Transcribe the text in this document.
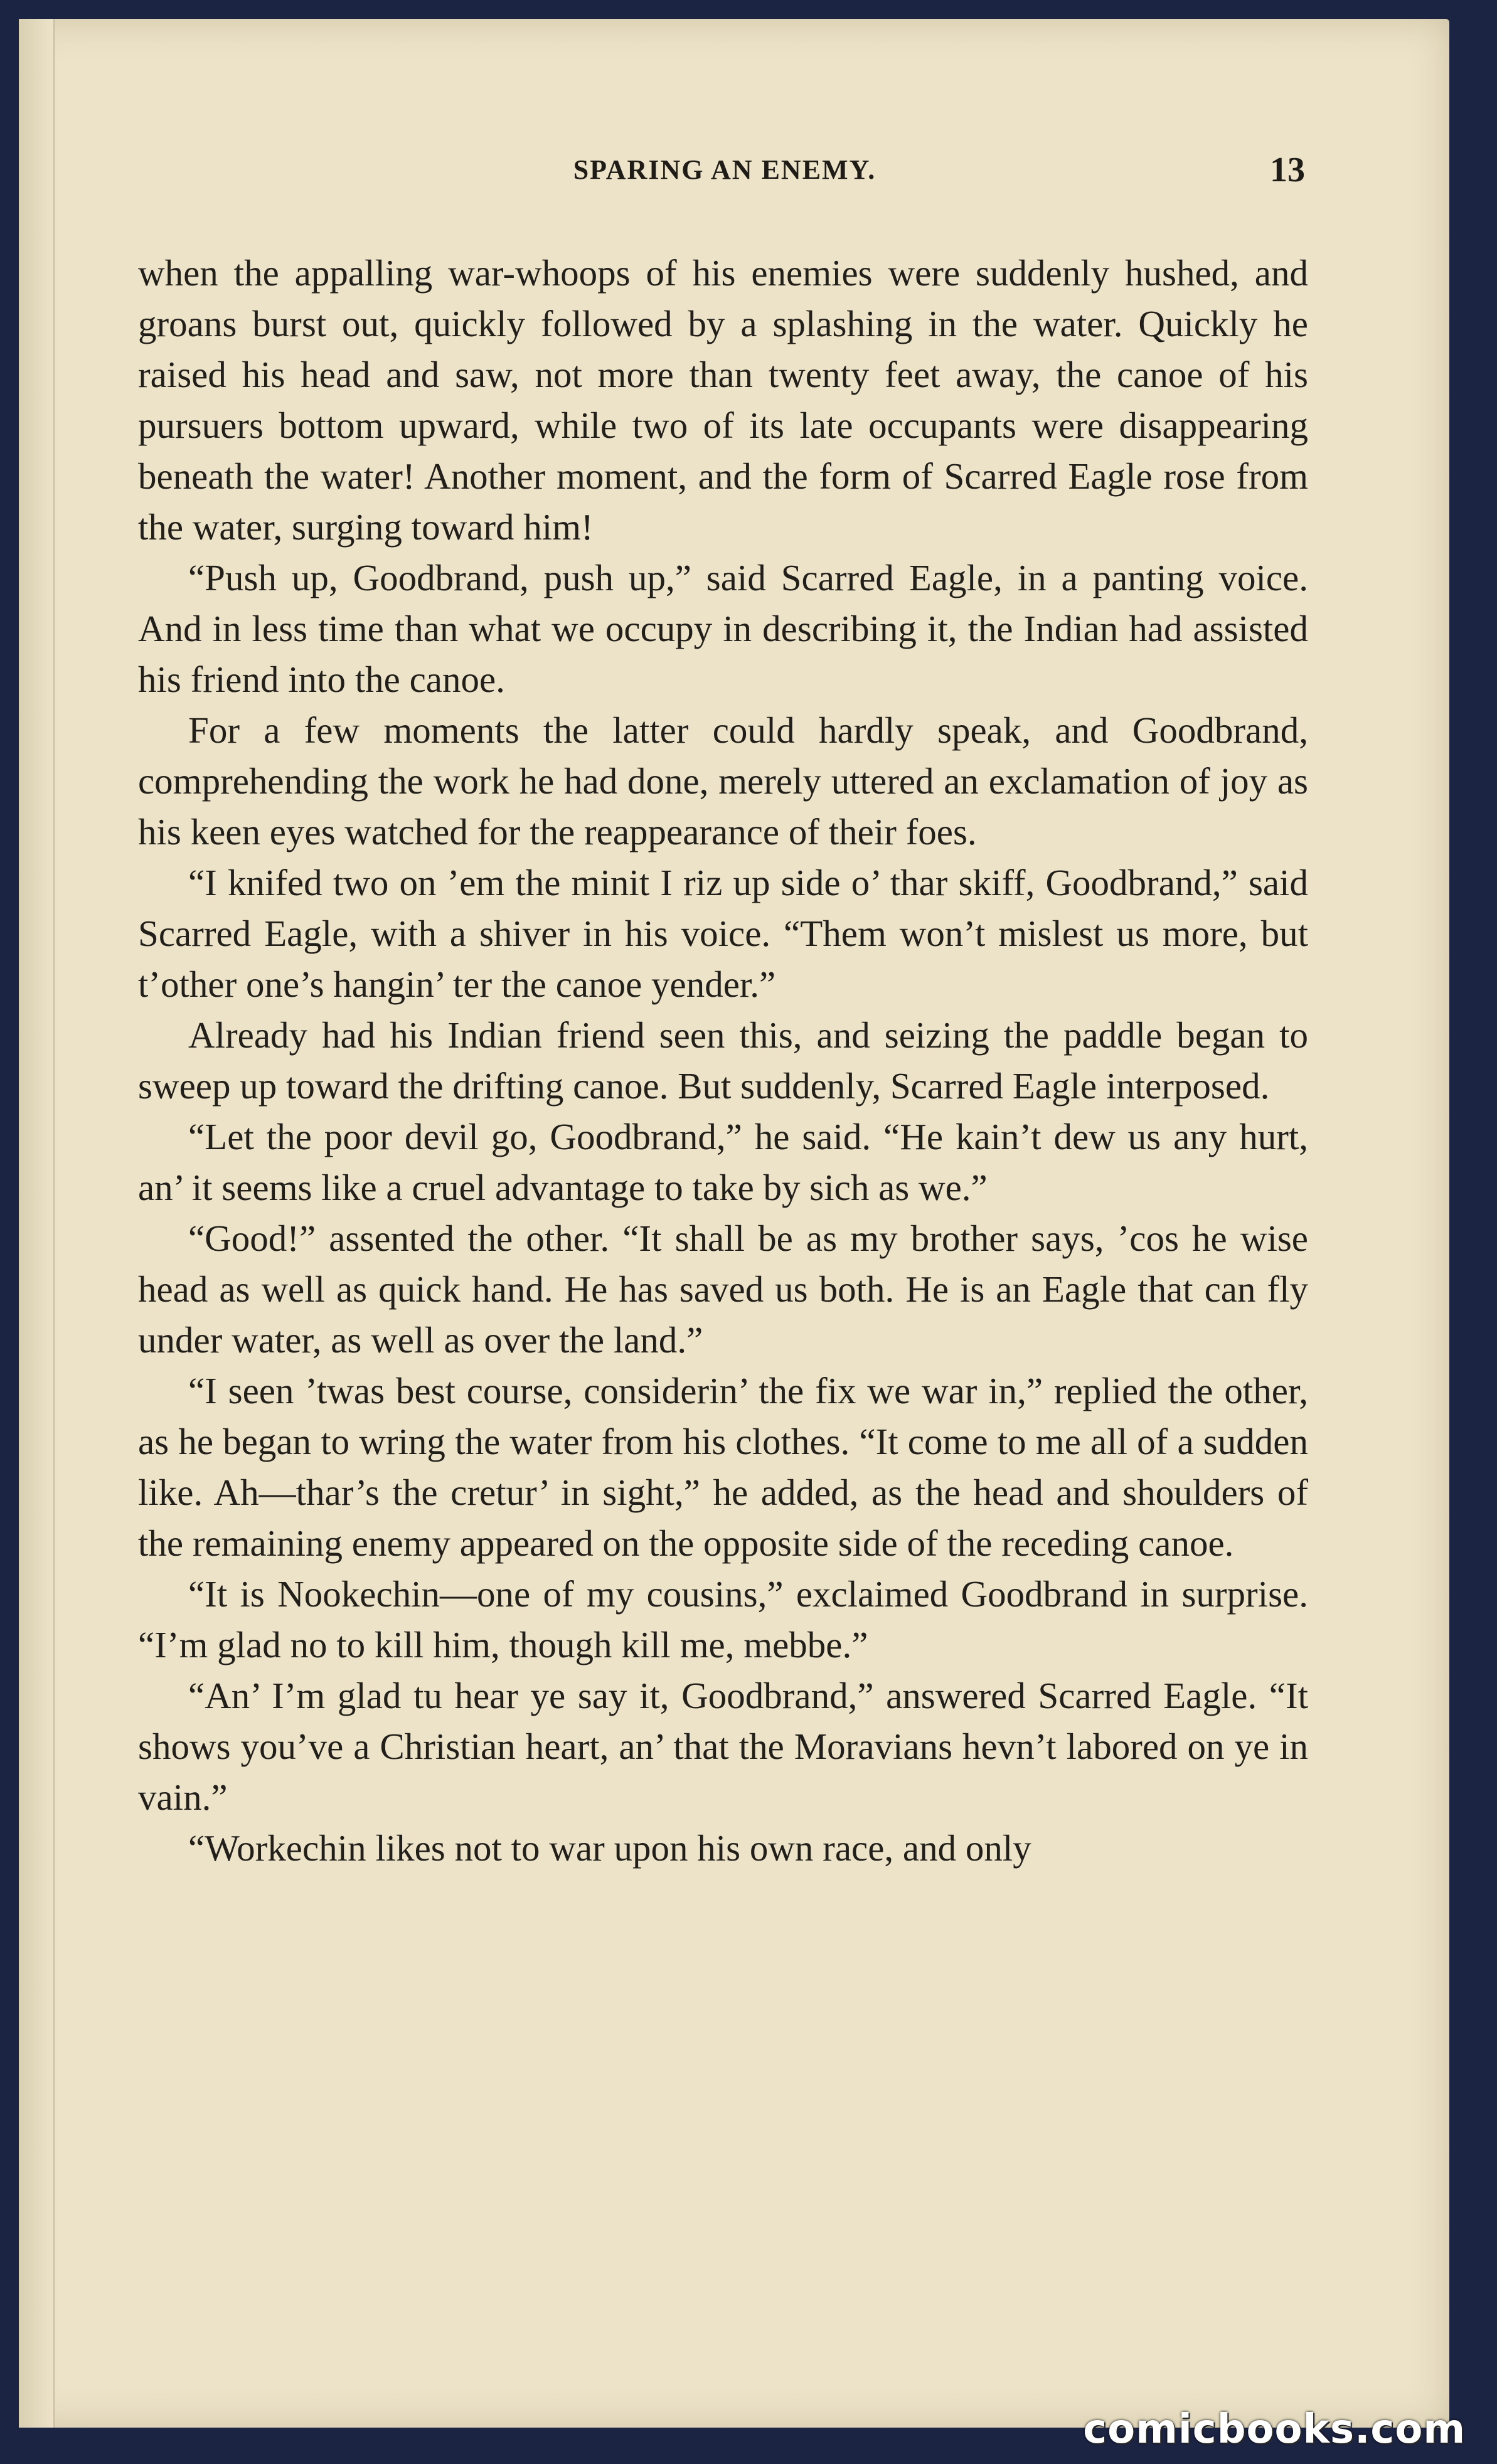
SPARING AN ENEMY.	13

when the appalling war-whoops of his enemies were suddenly hushed, and groans burst out, quickly followed by a splashing in the water. Quickly he raised his head and saw, not more than twenty feet away, the canoe of his pursuers bottom upward, while two of its late occupants were disappearing beneath the water! Another moment, and the form of Scarred Eagle rose from the water, surging toward him!

“Push up, Goodbrand, push up,” said Scarred Eagle, in a panting voice. And in less time than what we occupy in describing it, the Indian had assisted his friend into the canoe.

For a few moments the latter could hardly speak, and Goodbrand, comprehending the work he had done, merely uttered an exclamation of joy as his keen eyes watched for the reappearance of their foes.

“I knifed two on ’em the minit I riz up side o’ thar skiff, Goodbrand,” said Scarred Eagle, with a shiver in his voice. “Them won’t mislest us more, but t’other one’s hangin’ ter the canoe yender.”

Already had his Indian friend seen this, and seizing the paddle began to sweep up toward the drifting canoe. But suddenly, Scarred Eagle interposed.

“Let the poor devil go, Goodbrand,” he said. “He kain’t dew us any hurt, an’ it seems like a cruel advantage to take by sich as we.”

“Good!” assented the other. “It shall be as my brother says, ’cos he wise head as well as quick hand. He has saved us both. He is an Eagle that can fly under water, as well as over the land.”

“I seen ’twas best course, considerin’ the fix we war in,” replied the other, as he began to wring the water from his clothes. “It come to me all of a sudden like. Ah—thar’s the cretur’ in sight,” he added, as the head and shoulders of the remaining enemy appeared on the opposite side of the receding canoe.

“It is Nookechin—one of my cousins,” exclaimed Goodbrand in surprise. “I’m glad no to kill him, though kill me, mebbe.”

“An’ I’m glad tu hear ye say it, Goodbrand,” answered Scarred Eagle. “It shows you’ve a Christian heart, an’ that the Moravians hevn’t labored on ye in vain.”

“Workechin likes not to war upon his own race, and only

comicbooks.com
